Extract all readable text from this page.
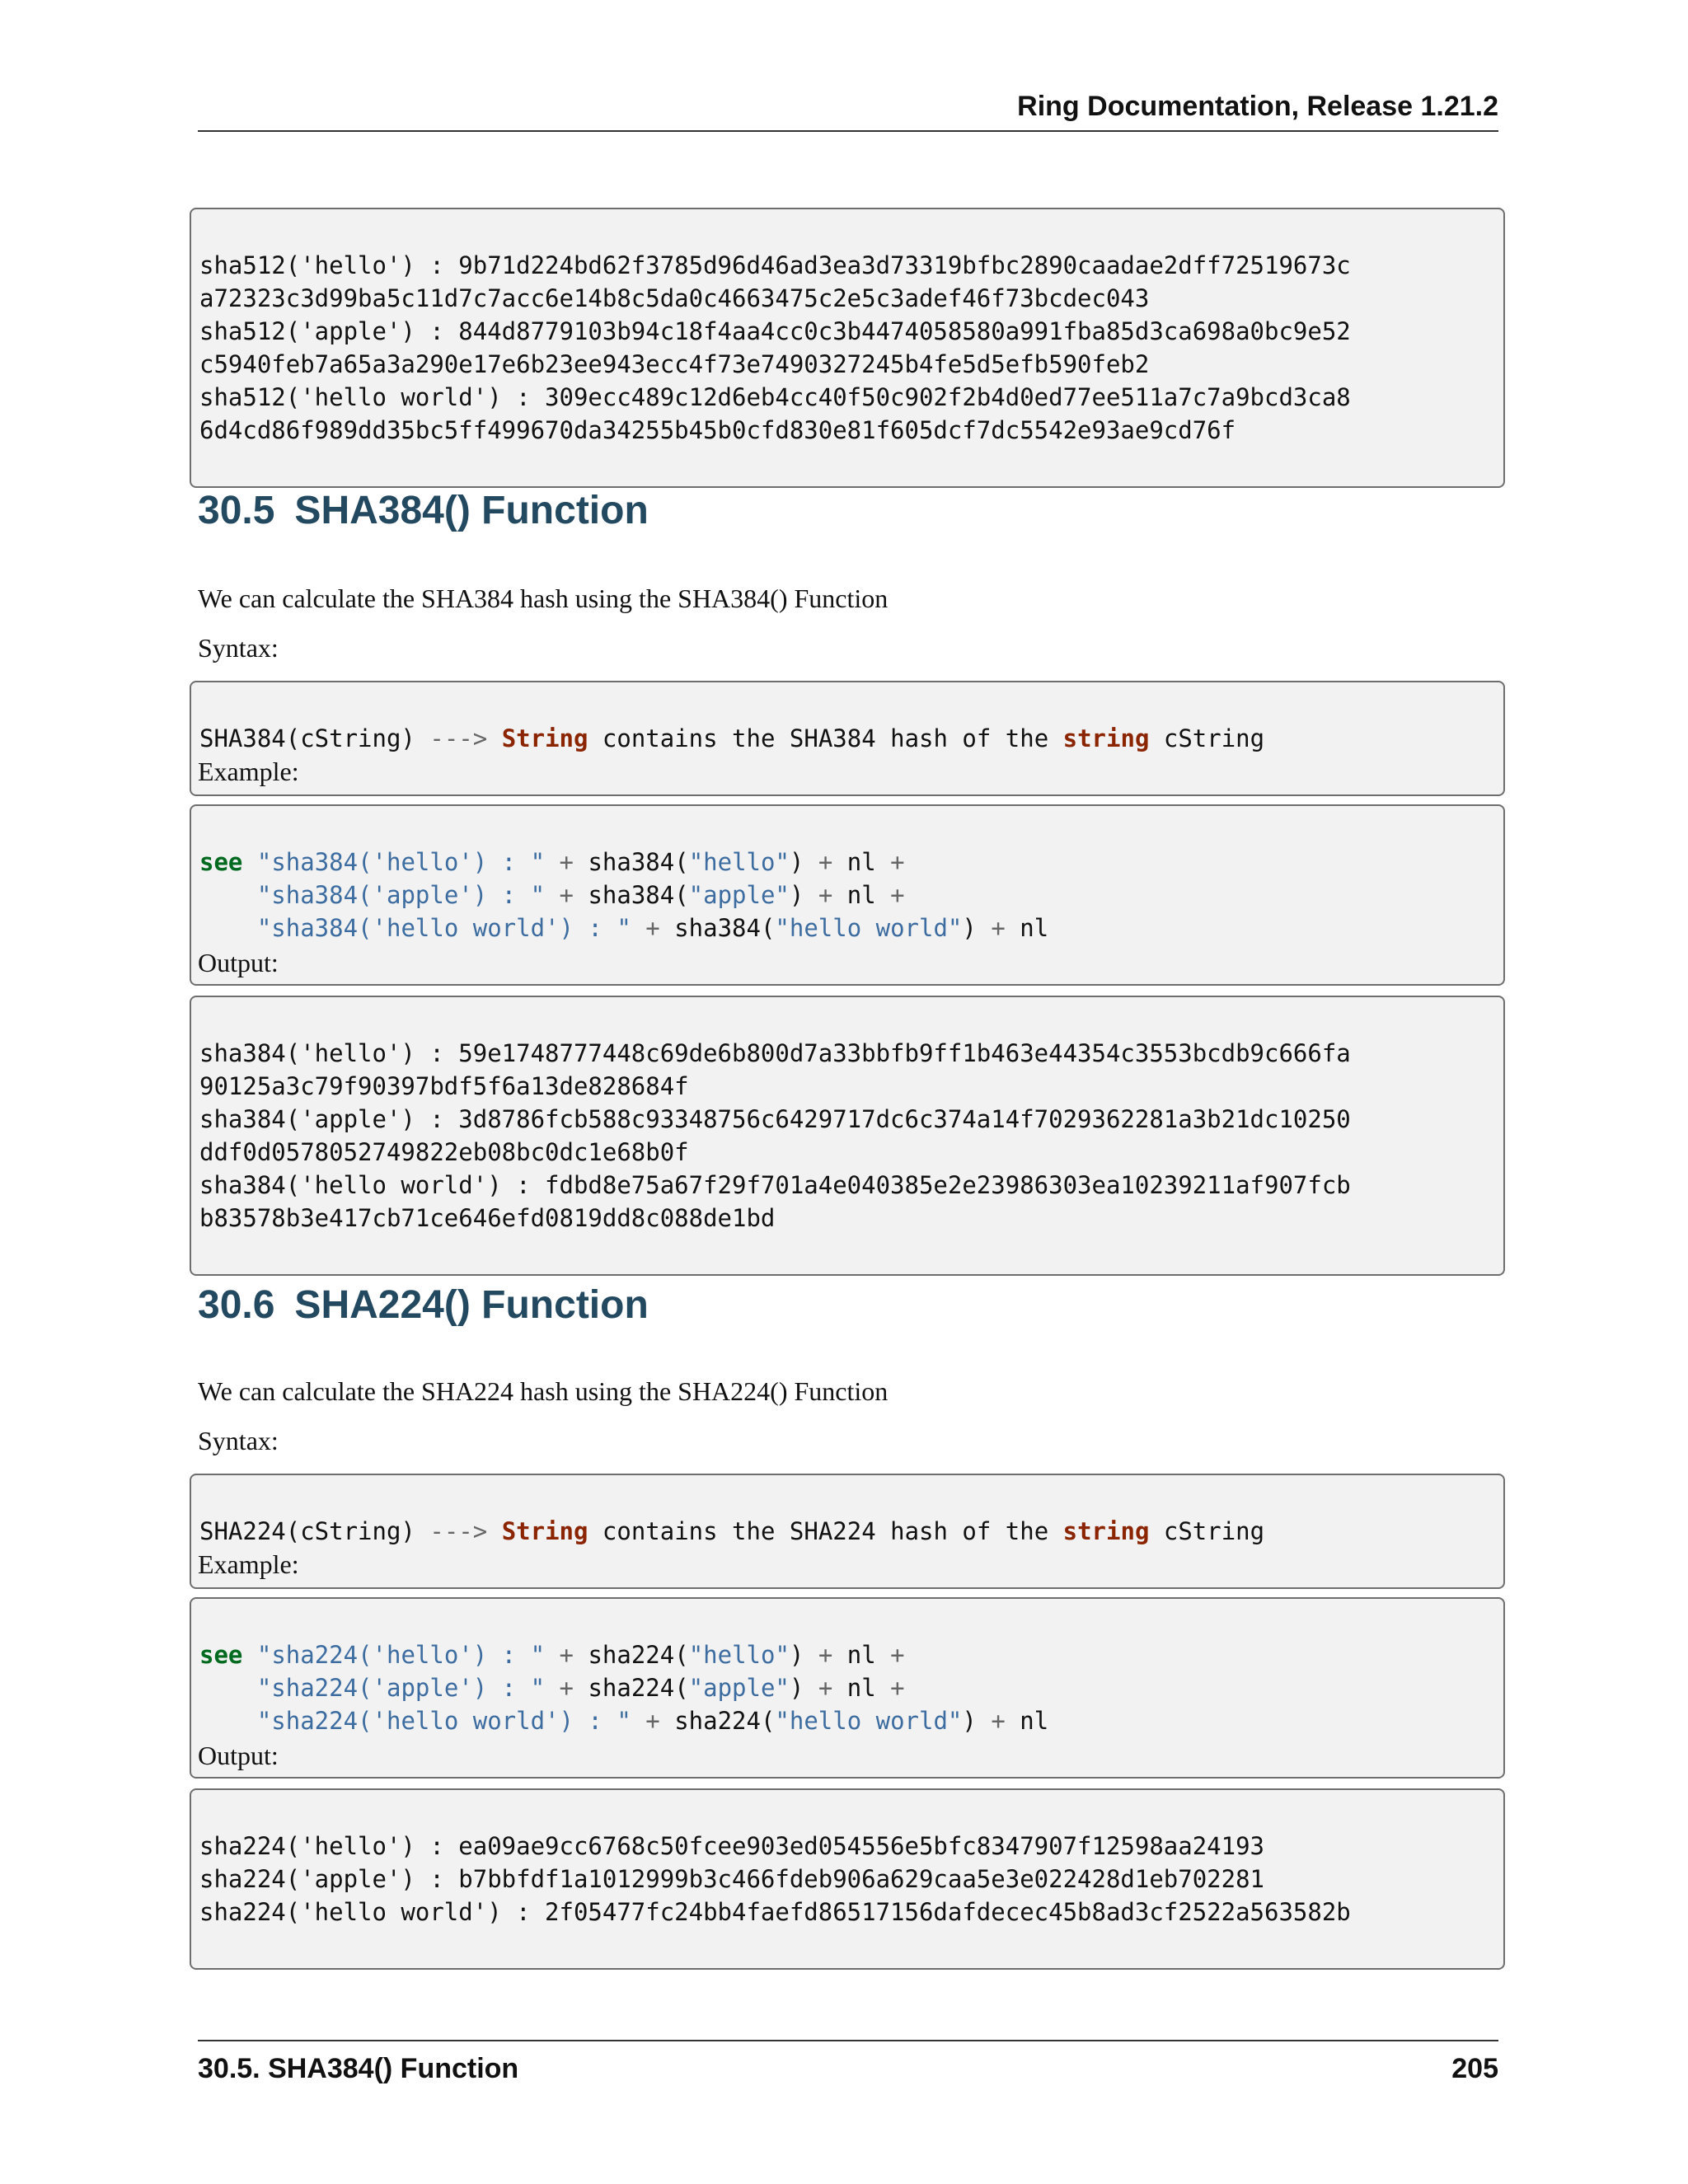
Ring Documentation, Release 1.21.2

sha512('hello') : 9b71d224bd62f3785d96d46ad3ea3d73319bfbc2890caadae2dff72519673c
a72323c3d99ba5c11d7c7acc6e14b8c5da0c4663475c2e5c3adef46f73bcdec043
sha512('apple') : 844d8779103b94c18f4aa4cc0c3b4474058580a991fba85d3ca698a0bc9e52
c5940feb7a65a3a290e17e6b23ee943ecc4f73e7490327245b4fe5d5efb590feb2
sha512('hello world') : 309ecc489c12d6eb4cc40f50c902f2b4d0ed77ee511a7c7a9bcd3ca8
6d4cd86f989dd35bc5ff499670da34255b45b0cfd830e81f605dcf7dc5542e93ae9cd76f

30.5 SHA384() Function
We can calculate the SHA384 hash using the SHA384() Function
Syntax:

SHA384(cString) ---> String contains the SHA384 hash of the string cString

Example:

see "sha384('hello') : " + sha384("hello") + nl +
"sha384('apple') : " + sha384("apple") + nl +
"sha384('hello world') : " + sha384("hello world") + nl

Output:

sha384('hello') : 59e1748777448c69de6b800d7a33bbfb9ff1b463e44354c3553bcdb9c666fa
90125a3c79f90397bdf5f6a13de828684f
sha384('apple') : 3d8786fcb588c93348756c6429717dc6c374a14f7029362281a3b21dc10250
ddf0d0578052749822eb08bc0dc1e68b0f
sha384('hello world') : fdbd8e75a67f29f701a4e040385e2e23986303ea10239211af907fcb
b83578b3e417cb71ce646efd0819dd8c088de1bd

30.6 SHA224() Function
We can calculate the SHA224 hash using the SHA224() Function
Syntax:

SHA224(cString) ---> String contains the SHA224 hash of the string cString

Example:

see "sha224('hello') : " + sha224("hello") + nl +
"sha224('apple') : " + sha224("apple") + nl +
"sha224('hello world') : " + sha224("hello world") + nl

Output:

sha224('hello') : ea09ae9cc6768c50fcee903ed054556e5bfc8347907f12598aa24193
sha224('apple') : b7bbfdf1a1012999b3c466fdeb906a629caa5e3e022428d1eb702281
sha224('hello world') : 2f05477fc24bb4faefd86517156dafdecec45b8ad3cf2522a563582b

30.5. SHA384() Function	205
